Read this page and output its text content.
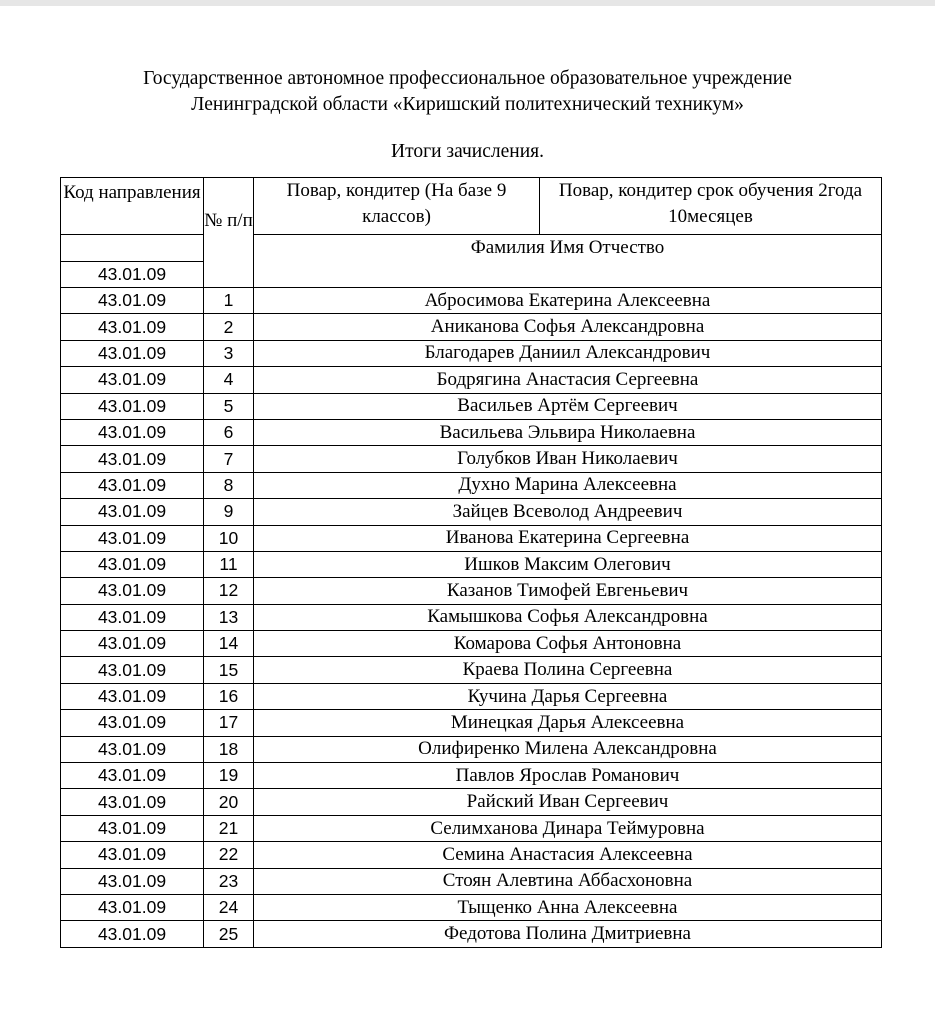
Государственное автономное профессиональное образовательное учреждение
Ленинградской области «Киришский политехнический техникум»
Итоги зачисления.
Код направления	№ п/п	Повар, кондитер (На базе 9 классов)	Повар, кондитер срок обучения 2года 10месяцев
		Фамилия Имя Отчество	
43.01.09			
43.01.09	1	Абросимова Екатерина Алексеевна	
43.01.09	2	Аниканова Софья Александровна	
43.01.09	3	Благодарев Даниил Александрович	
43.01.09	4	Бодрягина Анастасия Сергеевна	
43.01.09	5	Васильев Артём Сергеевич	
43.01.09	6	Васильева Эльвира Николаевна	
43.01.09	7	Голубков Иван Николаевич	
43.01.09	8	Духно Марина Алексеевна	
43.01.09	9	Зайцев Всеволод Андреевич	
43.01.09	10	Иванова Екатерина Сергеевна	
43.01.09	11	Ишков Максим Олегович	
43.01.09	12	Казанов Тимофей Евгеньевич	
43.01.09	13	Камышкова Софья Александровна	
43.01.09	14	Комарова Софья Антоновна	
43.01.09	15	Краева Полина Сергеевна	
43.01.09	16	Кучина Дарья Сергеевна	
43.01.09	17	Минецкая Дарья Алексеевна	
43.01.09	18	Олифиренко Милена Александровна	
43.01.09	19	Павлов Ярослав Романович	
43.01.09	20	Райский Иван Сергеевич	
43.01.09	21	Селимханова Динара Теймуровна	
43.01.09	22	Семина Анастасия Алексеевна	
43.01.09	23	Стоян Алевтина Аббасхоновна	
43.01.09	24	Тыщенко Анна Алексеевна	
43.01.09	25	Федотова Полина Дмитриевна	
